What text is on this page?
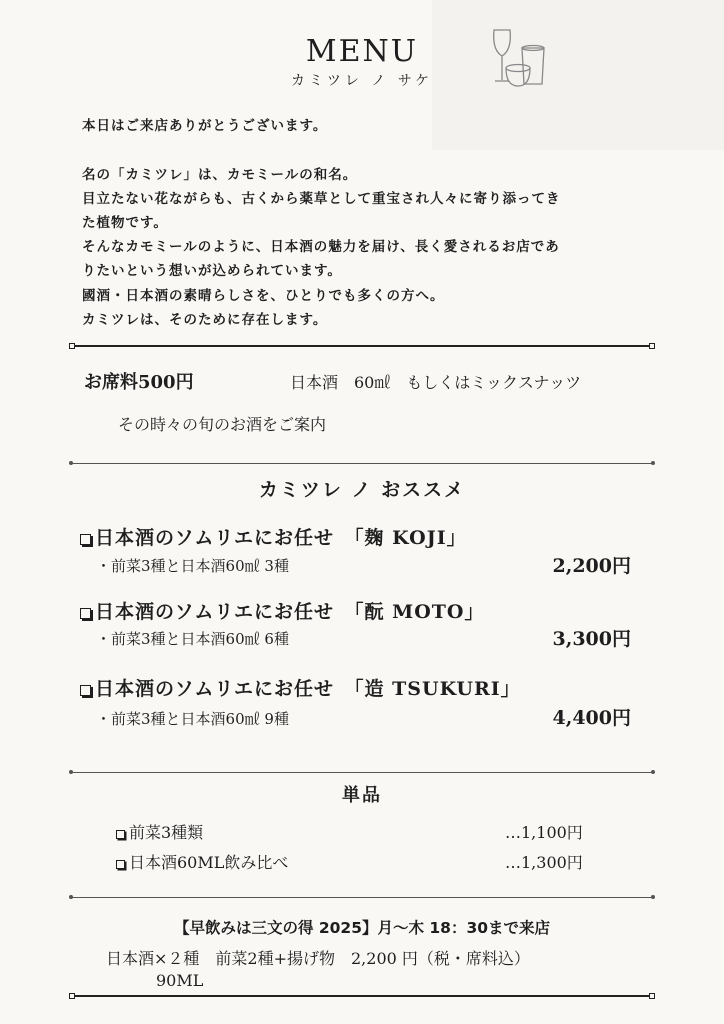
MENU
カミツレ ノ サケ
本日はご来店ありがとうございます。
名の「カミツレ」は、カモミールの和名。
目立たない花ながらも、古くから薬草として重宝され人々に寄り添ってき
た植物です。
そんなカモミールのように、日本酒の魅力を届け、長く愛されるお店であ
りたいという想いが込められています。
國酒・日本酒の素晴らしさを、ひとりでも多くの方へ。
カミツレは、そのために存在します。
お席料500円	日本酒　60㎖　もしくはミックスナッツ
その時々の旬のお酒をご案内
カミツレ ノ おススメ
日本酒のソムリエにお任せ　「麹 KOJI」
・前菜3種と日本酒60㎖ 3種	2,200円
日本酒のソムリエにお任せ　「酛 MOTO」
・前菜3種と日本酒60㎖ 6種	3,300円
日本酒のソムリエにお任せ　「造 TSUKURI」
・前菜3種と日本酒60㎖ 9種	4,400円
単品
前菜3種類	…1,100円
日本酒60ML飲み比べ	…1,300円
【早飲みは三文の得 2025】月～木 18：30まで来店
日本酒×２種　前菜2種+揚げ物　2,200 円（税・席料込）
90ML
